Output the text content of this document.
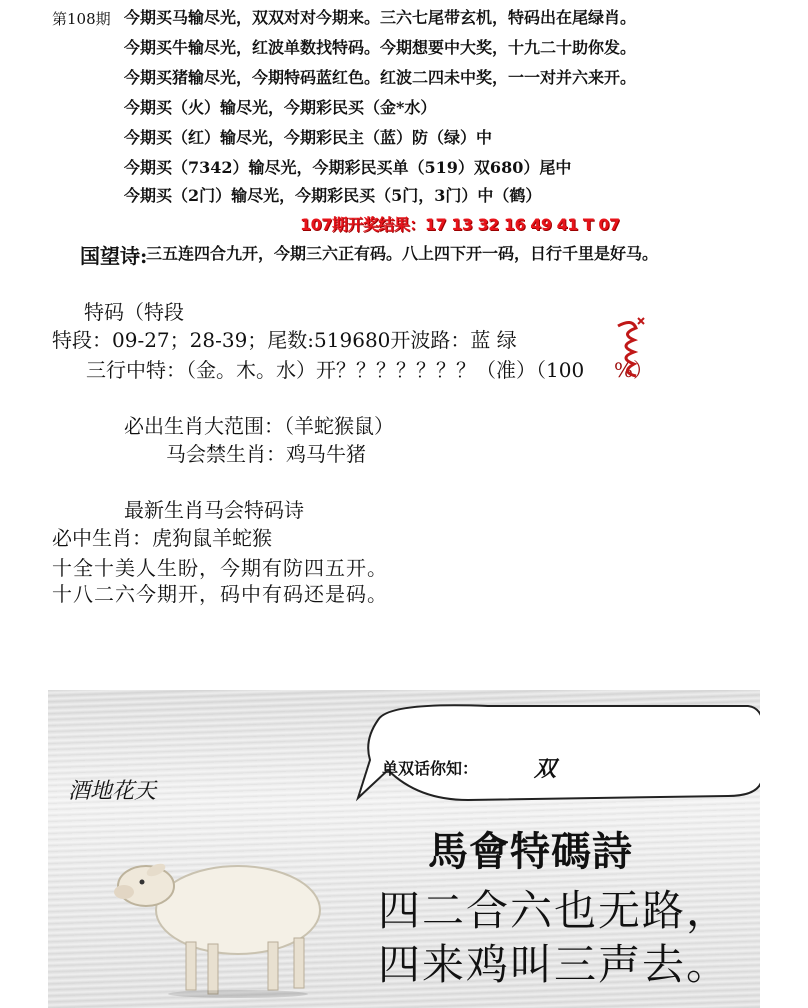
第108期 今期买马输尽光，双双对对今期来。三六七尾带玄机，特码出在尾绿肖。
今期买牛输尽光，红波单数找特码。今期想要中大奖，十九二十助你发。
今期买猪输尽光，今期特码蓝红色。红波二四未中奖，一一对并六来开。
今期买（火）输尽光，今期彩民买（金*水）
今期买（红）输尽光，今期彩民主（蓝）防（绿）中
今期买（7342）输尽光，今期彩民买单（519）双680）尾中
今期买（2门）输尽光，今期彩民买（5门，3门）中（鹤）
107期开奖结果：17 13 32 16 49 41 T 07
国望诗:
三五连四合九开，今期三六正有码。八上四下开一码，日行千里是好马。
特码（特段
特段：09-27；28-39；尾数:519680开波路：蓝 绿
三行中特：（金。木。水）开？？？？？？？（准）（100 %）
必出生肖大范围：（羊蛇猴鼠）
马会禁生肖：鸡马牛猪
最新生肖马会特码诗
必中生肖：虎狗鼠羊蛇猴
十全十美人生盼，今期有防四五开。
十八二六今期开，码中有码还是码。
单双话你知：	双
酒地花天
馬會特碼詩
四二合六也无路，
四来鸡叫三声去。
